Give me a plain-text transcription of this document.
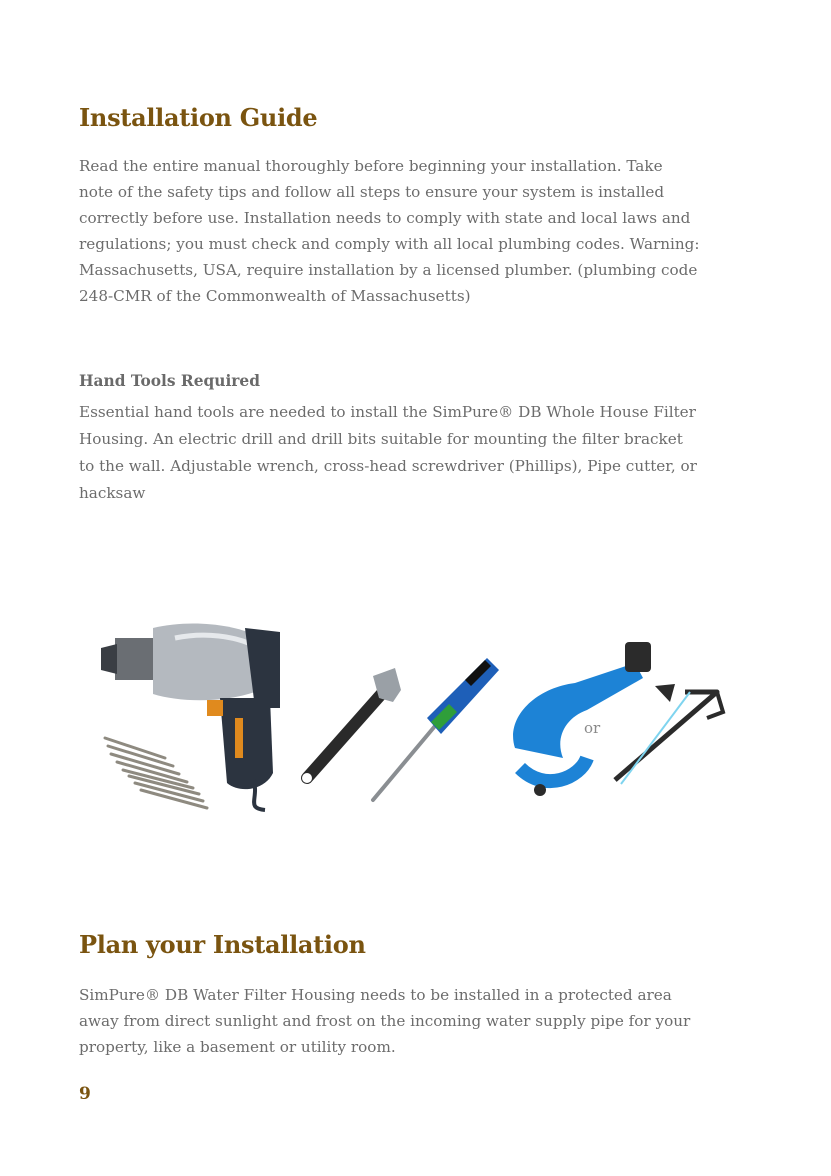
Installation Guide

Read the entire manual thoroughly before beginning your installation. Take
note of the safety tips and follow all steps to ensure your system is installed
correctly before use. Installation needs to comply with state and local laws and
regulations; you must check and comply with all local plumbing codes. Warning:
Massachusetts, USA, require installation by a licensed plumber. (plumbing code
248-CMR of the Commonwealth of Massachusetts)

Hand Tools Required

Essential hand tools are needed to install the SimPure® DB Whole House Filter
Housing. An electric drill and drill bits suitable for mounting the filter bracket
to the wall. Adjustable wrench, cross-head screwdriver (Phillips), Pipe cutter, or
hacksaw

or
Plan your Installation

SimPure® DB Water Filter Housing needs to be installed in a protected area
away from direct sunlight and frost on the incoming water supply pipe for your
property, like a basement or utility room.

9
